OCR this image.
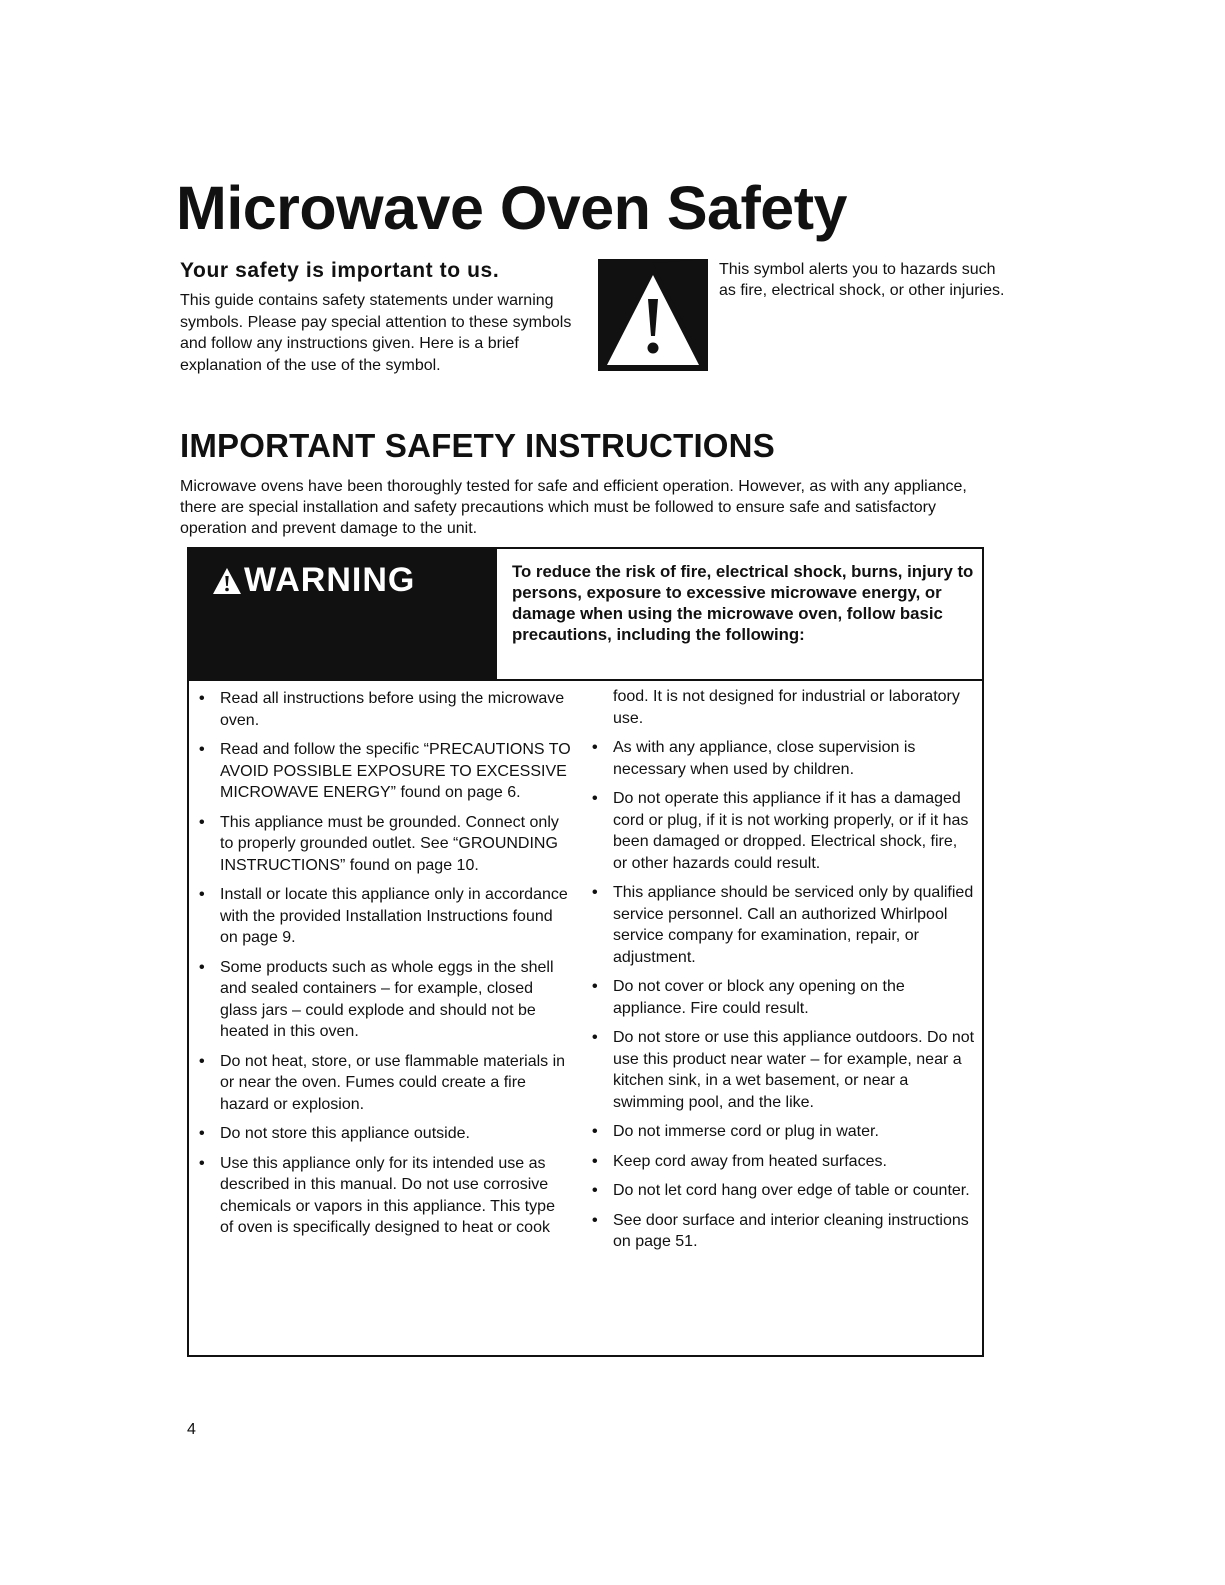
Microwave Oven Safety
Your safety is important to us.

This guide contains safety statements under warning symbols. Please pay special attention to these symbols and follow any instructions given. Here is a brief explanation of the use of the symbol.

This symbol alerts you to hazards such as fire, electrical shock, or other injuries.

IMPORTANT SAFETY INSTRUCTIONS

Microwave ovens have been thoroughly tested for safe and efficient operation. However, as with any appliance, there are special installation and safety precautions which must be followed to ensure safe and satisfactory operation and prevent damage to the unit.

WARNING	To reduce the risk of fire, electrical shock, burns, injury to persons, exposure to excessive microwave energy, or damage when using the microwave oven, follow basic precautions, including the following:

• Read all instructions before using the microwave oven.
• Read and follow the specific “PRECAUTIONS TO AVOID POSSIBLE EXPOSURE TO EXCESSIVE MICROWAVE ENERGY” found on page 6.
• This appliance must be grounded. Connect only to properly grounded outlet. See “GROUNDING INSTRUCTIONS” found on page 10.
• Install or locate this appliance only in accordance with the provided Installation Instructions found on page 9.
• Some products such as whole eggs in the shell and sealed containers – for example, closed glass jars – could explode and should not be heated in this oven.
• Do not heat, store, or use flammable materials in or near the oven. Fumes could create a fire hazard or explosion.
• Do not store this appliance outside.
• Use this appliance only for its intended use as described in this manual. Do not use corrosive chemicals or vapors in this appliance. This type of oven is specifically designed to heat or cook
food. It is not designed for industrial or laboratory use.
• As with any appliance, close supervision is necessary when used by children.
• Do not operate this appliance if it has a damaged cord or plug, if it is not working properly, or if it has been damaged or dropped. Electrical shock, fire, or other hazards could result.
• This appliance should be serviced only by qualified service personnel. Call an authorized Whirlpool service company for examination, repair, or adjustment.
• Do not cover or block any opening on the appliance. Fire could result.
• Do not store or use this appliance outdoors. Do not use this product near water – for example, near a kitchen sink, in a wet basement, or near a swimming pool, and the like.
• Do not immerse cord or plug in water.
• Keep cord away from heated surfaces.
• Do not let cord hang over edge of table or counter.
• See door surface and interior cleaning instructions on page 51.

4
